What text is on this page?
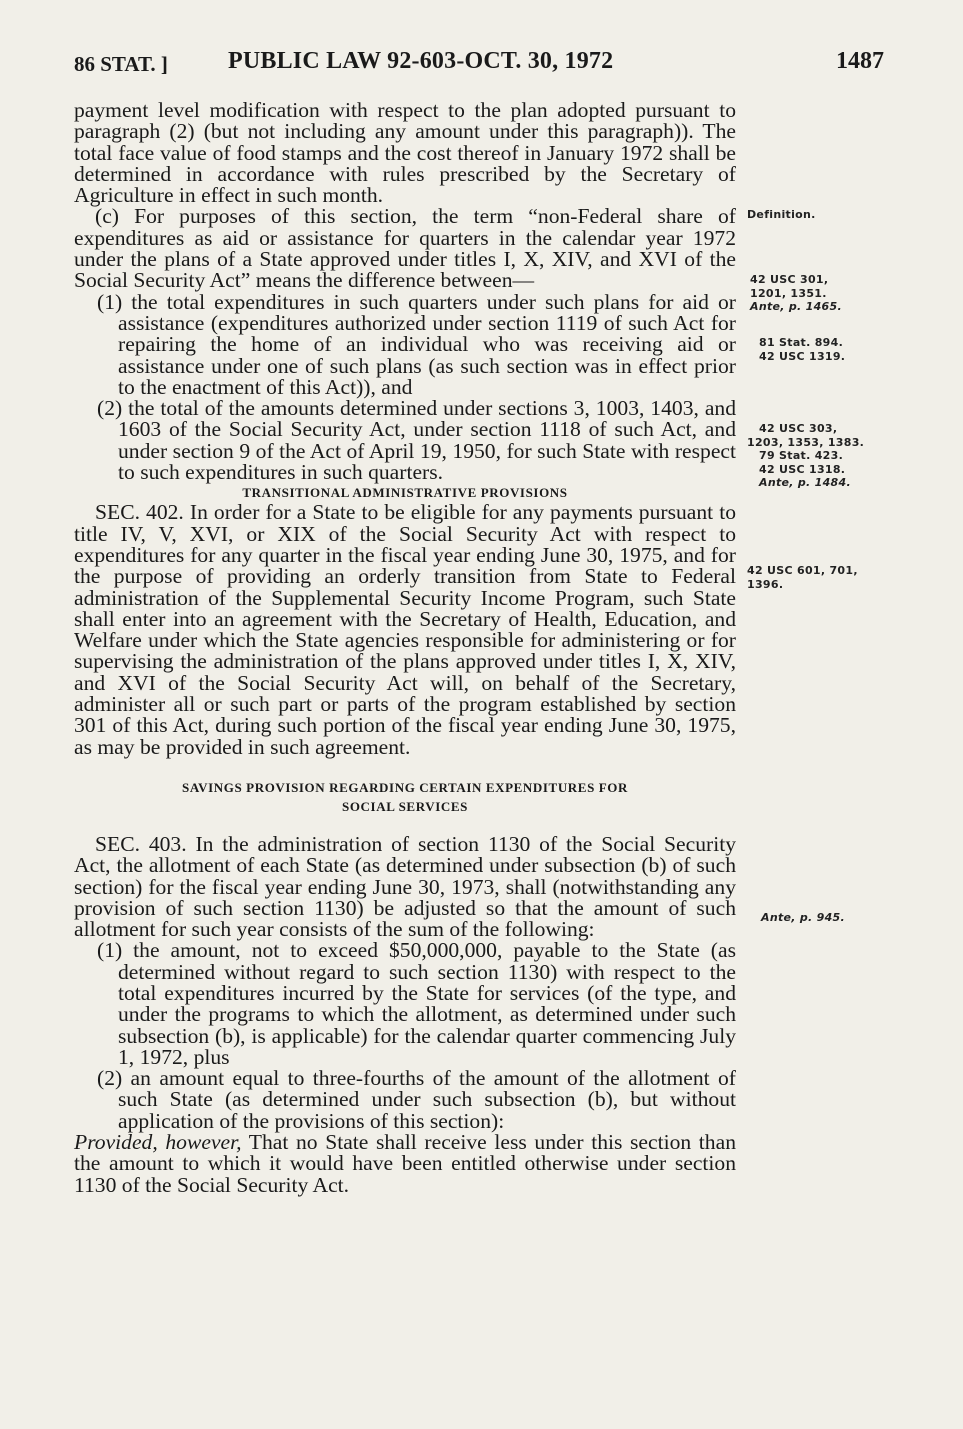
86 STAT. ]	PUBLIC LAW 92-603-OCT. 30, 1972	1487

payment level modification with respect to the plan adopted pursuant to paragraph (2) (but not including any amount under this paragraph)). The total face value of food stamps and the cost thereof in January 1972 shall be determined in accordance with rules prescribed by the Secretary of Agriculture in effect in such month.

(c) For purposes of this section, the term “non-Federal share of expenditures as aid or assistance for quarters in the calendar year 1972 under the plans of a State approved under titles I, X, XIV, and XVI of the Social Security Act” means the difference between—

(1) the total expenditures in such quarters under such plans for aid or assistance (expenditures authorized under section 1119 of such Act for repairing the home of an individual who was receiving aid or assistance under one of such plans (as such section was in effect prior to the enactment of this Act)), and

(2) the total of the amounts determined under sections 3, 1003, 1403, and 1603 of the Social Security Act, under section 1118 of such Act, and under section 9 of the Act of April 19, 1950, for such State with respect to such expenditures in such quarters.

TRANSITIONAL ADMINISTRATIVE PROVISIONS

SEC. 402. In order for a State to be eligible for any payments pursuant to title IV, V, XVI, or XIX of the Social Security Act with respect to expenditures for any quarter in the fiscal year ending June 30, 1975, and for the purpose of providing an orderly transition from State to Federal administration of the Supplemental Security Income Program, such State shall enter into an agreement with the Secretary of Health, Education, and Welfare under which the State agencies responsible for administering or for supervising the administration of the plans approved under titles I, X, XIV, and XVI of the Social Security Act will, on behalf of the Secretary, administer all or such part or parts of the program established by section 301 of this Act, during such portion of the fiscal year ending June 30, 1975, as may be provided in such agreement.

SAVINGS PROVISION REGARDING CERTAIN EXPENDITURES FOR
SOCIAL SERVICES

SEC. 403. In the administration of section 1130 of the Social Security Act, the allotment of each State (as determined under subsection (b) of such section) for the fiscal year ending June 30, 1973, shall (notwithstanding any provision of such section 1130) be adjusted so that the amount of such allotment for such year consists of the sum of the following:

(1) the amount, not to exceed $50,000,000, payable to the State (as determined without regard to such section 1130) with respect to the total expenditures incurred by the State for services (of the type, and under the programs to which the allotment, as determined under such subsection (b), is applicable) for the calendar quarter commencing July 1, 1972, plus

(2) an amount equal to three-fourths of the amount of the allotment of such State (as determined under such subsection (b), but without application of the provisions of this section):

Provided, however, That no State shall receive less under this section than the amount to which it would have been entitled otherwise under section 1130 of the Social Security Act.

Definition.
42 USC 301,
1201, 1351.
Ante, p. 1465.
81 Stat. 894.
42 USC 1319.
42 USC 303,
1203, 1353, 1383.
79 Stat. 423.
42 USC 1318.
Ante, p. 1484.
42 USC 601, 701,
1396.
Ante, p. 945.
